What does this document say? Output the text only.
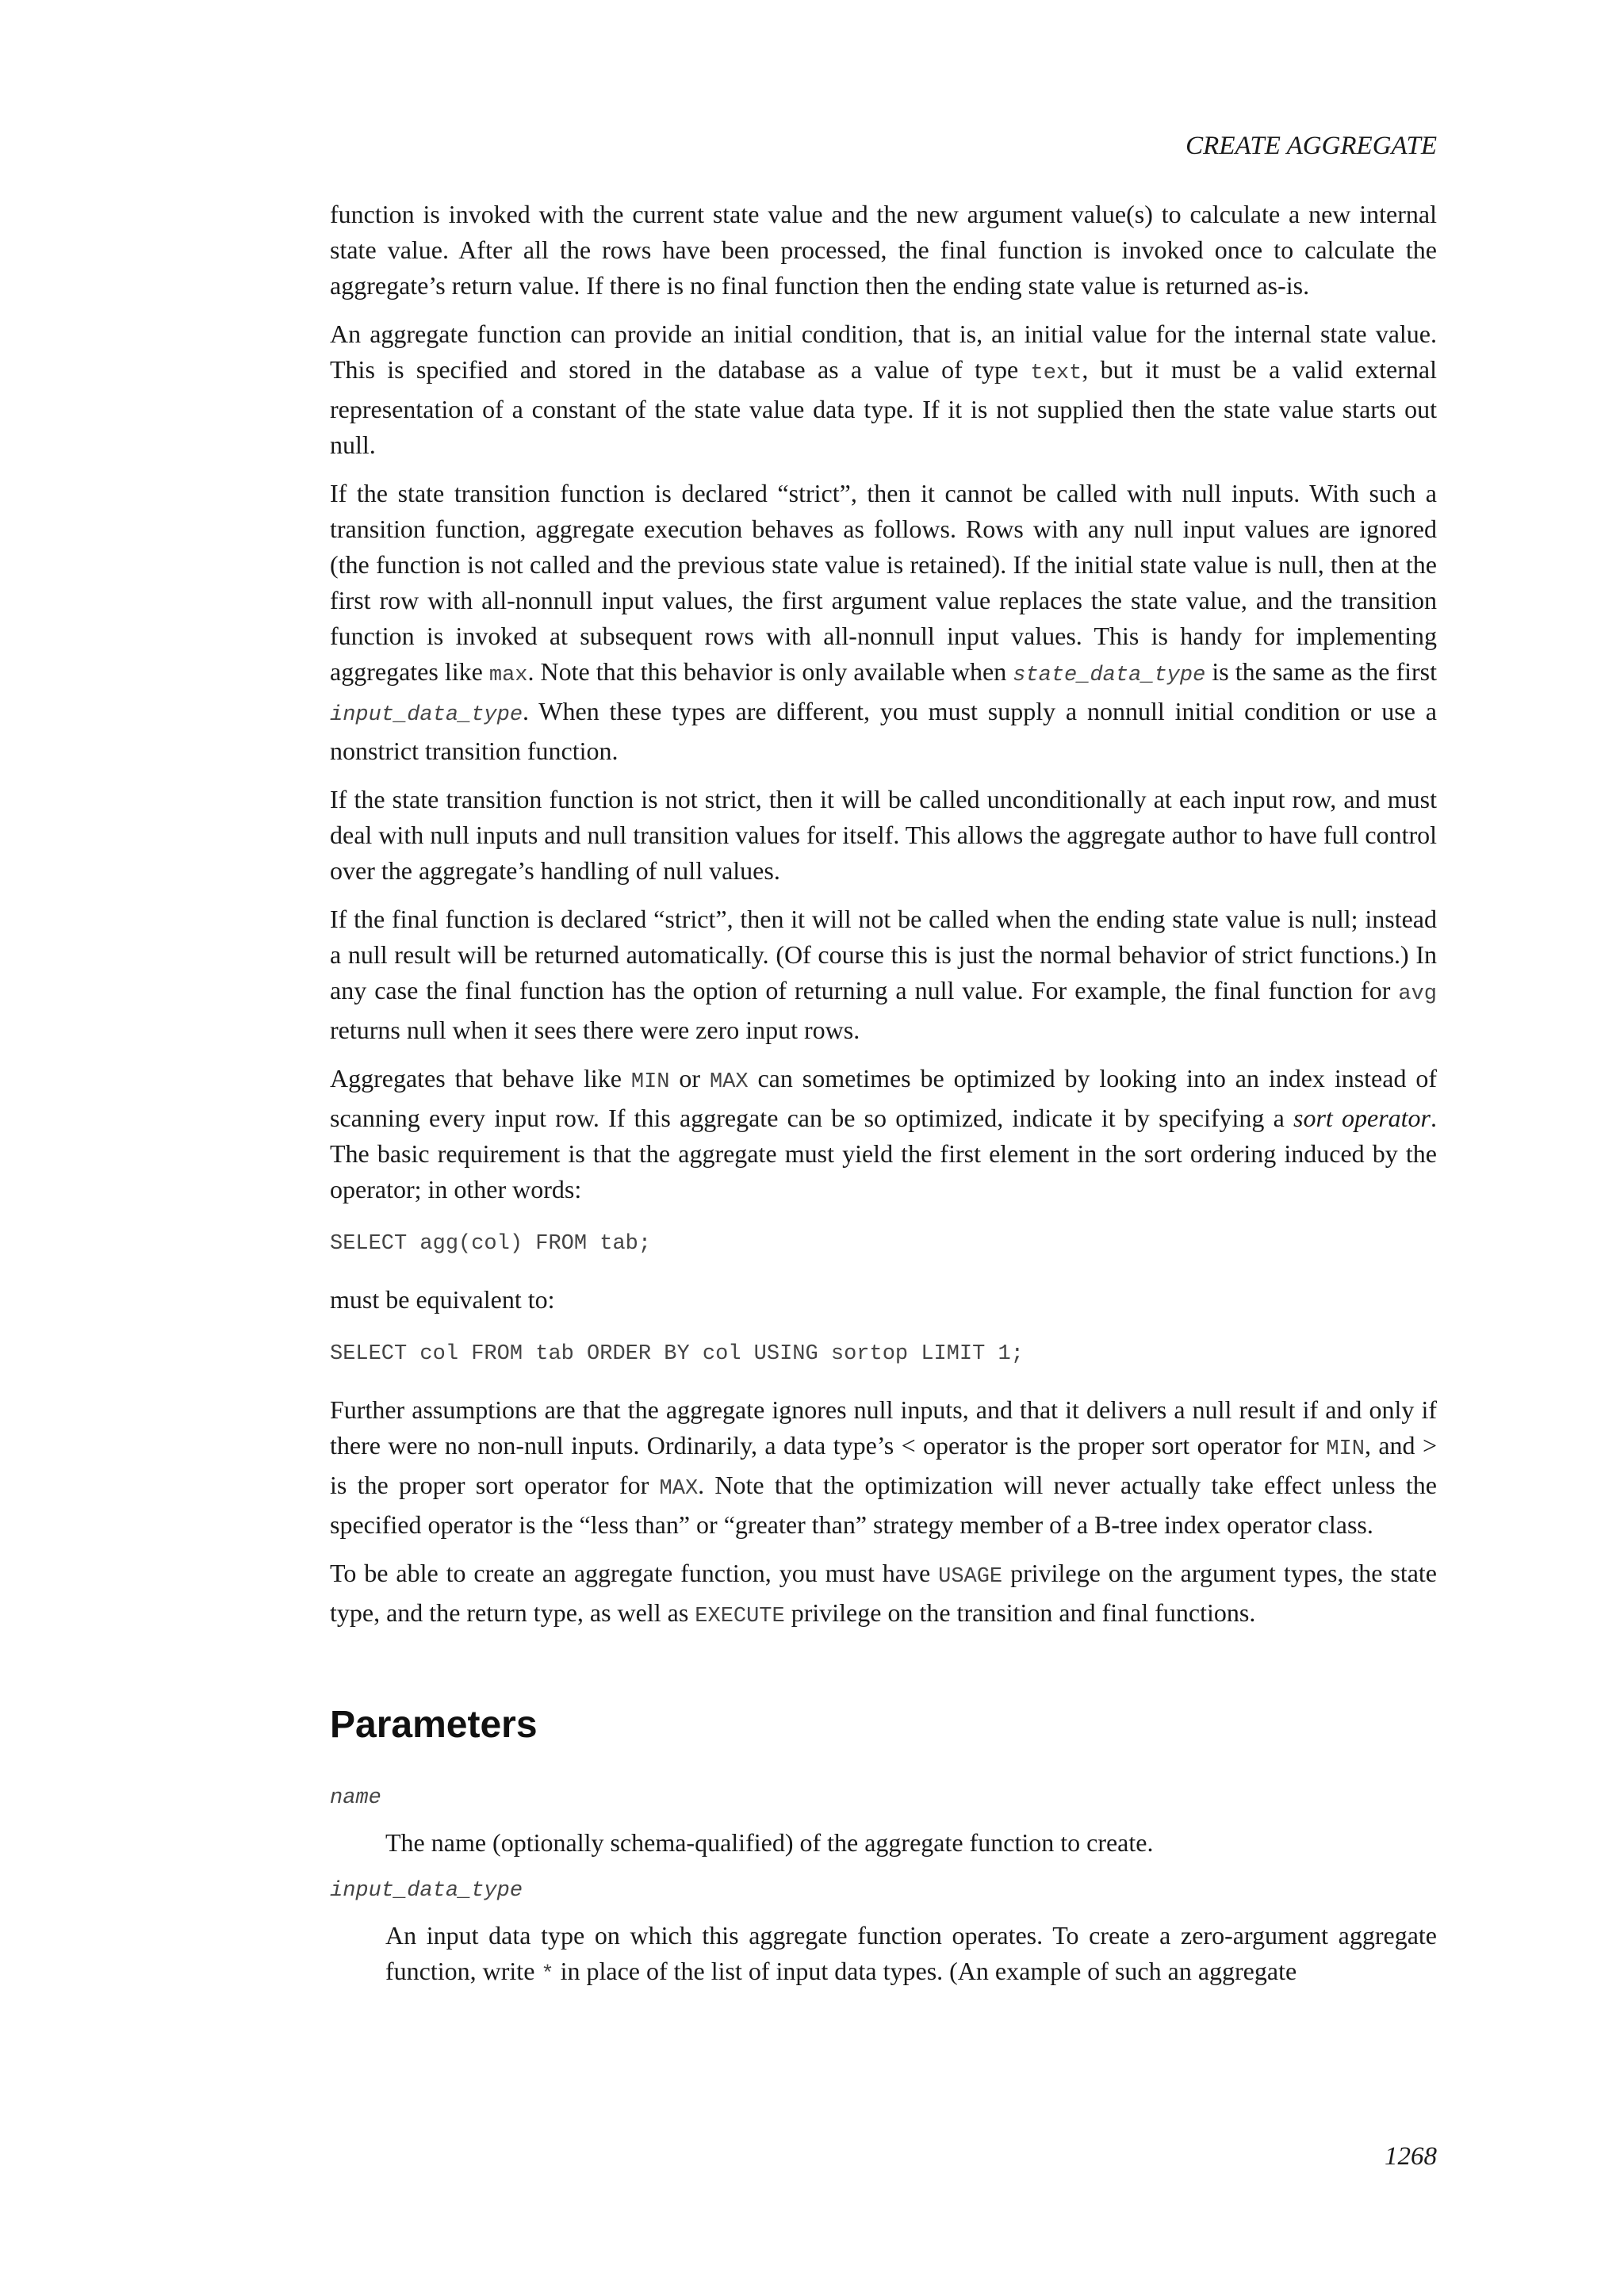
CREATE AGGREGATE

function is invoked with the current state value and the new argument value(s) to calculate a new internal state value. After all the rows have been processed, the final function is invoked once to calculate the aggregate’s return value. If there is no final function then the ending state value is returned as-is.

An aggregate function can provide an initial condition, that is, an initial value for the internal state value. This is specified and stored in the database as a value of type text, but it must be a valid external representation of a constant of the state value data type. If it is not supplied then the state value starts out null.

If the state transition function is declared “strict”, then it cannot be called with null inputs. With such a transition function, aggregate execution behaves as follows. Rows with any null input values are ignored (the function is not called and the previous state value is retained). If the initial state value is null, then at the first row with all-nonnull input values, the first argument value replaces the state value, and the transition function is invoked at subsequent rows with all-nonnull input values. This is handy for implementing aggregates like max. Note that this behavior is only available when state_data_type is the same as the first input_data_type. When these types are different, you must supply a nonnull initial condition or use a nonstrict transition function.

If the state transition function is not strict, then it will be called unconditionally at each input row, and must deal with null inputs and null transition values for itself. This allows the aggregate author to have full control over the aggregate’s handling of null values.

If the final function is declared “strict”, then it will not be called when the ending state value is null; instead a null result will be returned automatically. (Of course this is just the normal behavior of strict functions.) In any case the final function has the option of returning a null value. For example, the final function for avg returns null when it sees there were zero input rows.

Aggregates that behave like MIN or MAX can sometimes be optimized by looking into an index instead of scanning every input row. If this aggregate can be so optimized, indicate it by specifying a sort operator. The basic requirement is that the aggregate must yield the first element in the sort ordering induced by the operator; in other words:

SELECT agg(col) FROM tab;

must be equivalent to:

SELECT col FROM tab ORDER BY col USING sortop LIMIT 1;

Further assumptions are that the aggregate ignores null inputs, and that it delivers a null result if and only if there were no non-null inputs. Ordinarily, a data type’s < operator is the proper sort operator for MIN, and > is the proper sort operator for MAX. Note that the optimization will never actually take effect unless the specified operator is the “less than” or “greater than” strategy member of a B-tree index operator class.

To be able to create an aggregate function, you must have USAGE privilege on the argument types, the state type, and the return type, as well as EXECUTE privilege on the transition and final functions.

Parameters
name

The name (optionally schema-qualified) of the aggregate function to create.

input_data_type

An input data type on which this aggregate function operates. To create a zero-argument aggregate function, write * in place of the list of input data types. (An example of such an aggregate

1268
